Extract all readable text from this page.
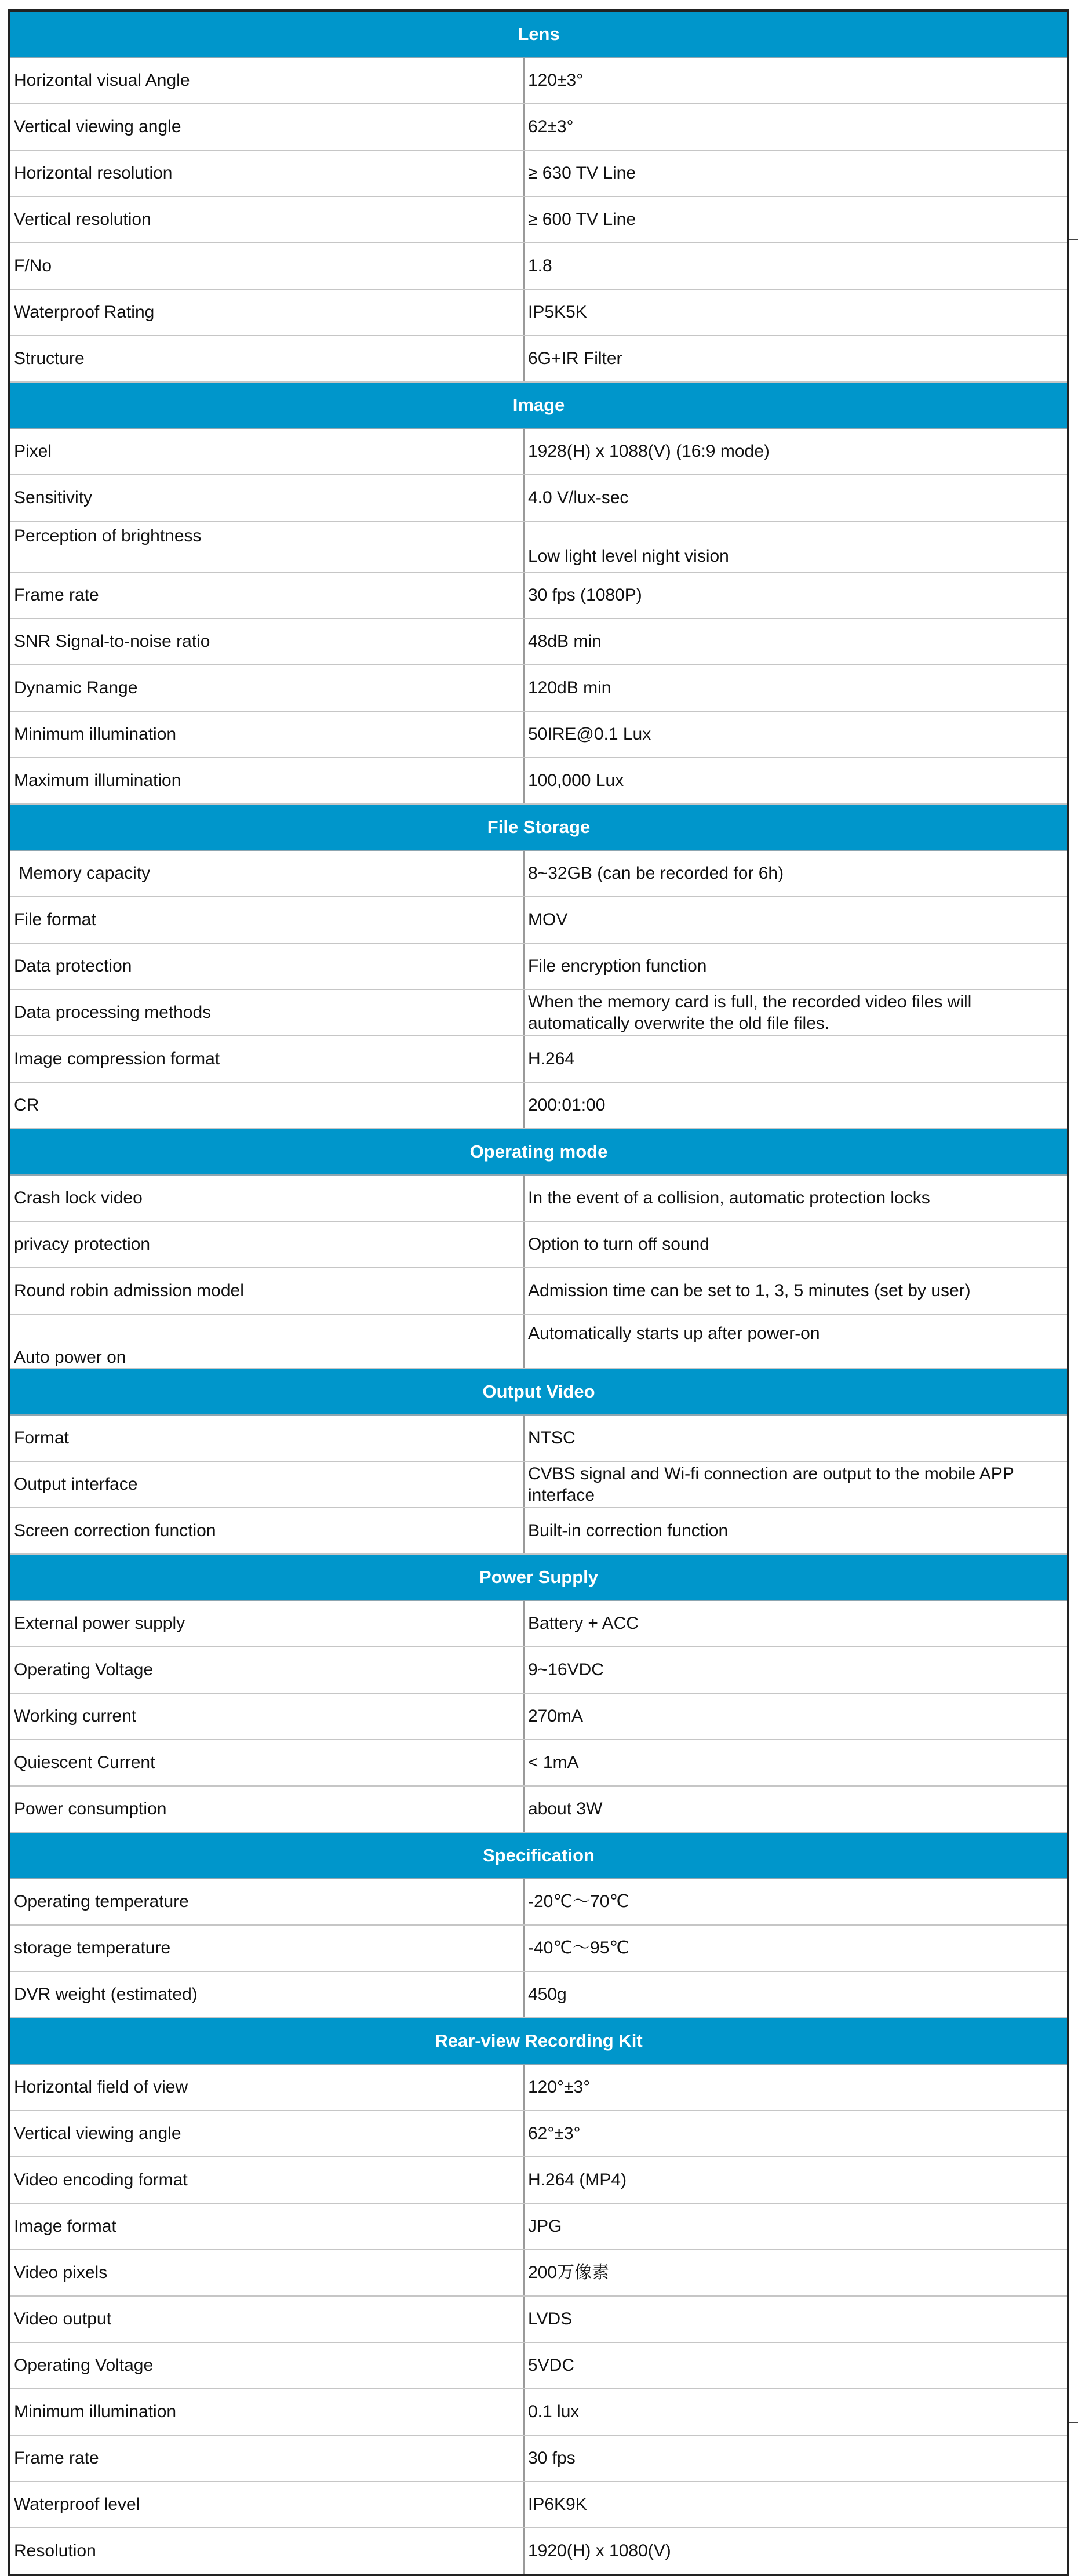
Lens	
Horizontal visual Angle	120±3°
Vertical viewing angle	62±3°
Horizontal resolution	≥ 630 TV Line
Vertical resolution	≥ 600 TV Line
F/No	1.8
Waterproof Rating	IP5K5K
Structure	6G+IR Filter
Image	
Pixel	1928(H) x 1088(V) (16:9 mode)
Sensitivity	4.0 V/lux-sec
Perception of brightness	Low light level night vision
Frame rate	30 fps (1080P)
SNR Signal-to-noise ratio	48dB min
Dynamic Range	120dB min
Minimum illumination	50IRE@0.1 Lux
Maximum illumination	100,000 Lux
File Storage	
Memory capacity	8~32GB (can be recorded for 6h)
File format	MOV
Data protection	File encryption function
Data processing methods	When the memory card is full, the recorded video files will automatically overwrite the old file files.
Image compression format	H.264
CR	200:01:00
Operating mode	
Crash lock video	In the event of a collision, automatic protection locks
privacy protection	Option to turn off sound
Round robin admission model	Admission time can be set to 1, 3, 5 minutes (set by user)
Auto power on	Automatically starts up after power-on
Output Video	
Format	NTSC
Output interface	CVBS signal and Wi-fi connection are output to the mobile APP interface
Screen correction function	Built-in correction function
Power Supply	
External power supply	Battery + ACC
Operating Voltage	9~16VDC
Working current	270mA
Quiescent Current	< 1mA
Power consumption	about 3W
Specification	
Operating temperature	-20℃～70℃
storage temperature	-40℃～95℃
DVR weight (estimated)	450g
Rear-view Recording Kit	
Horizontal field of view	120°±3°
Vertical viewing angle	62°±3°
Video encoding format	H.264 (MP4)
Image format	JPG
Video pixels	200万像素
Video output	LVDS
Operating Voltage	5VDC
Minimum illumination	0.1 lux
Frame rate	30 fps
Waterproof level	IP6K9K
Resolution	1920(H) x 1080(V)
